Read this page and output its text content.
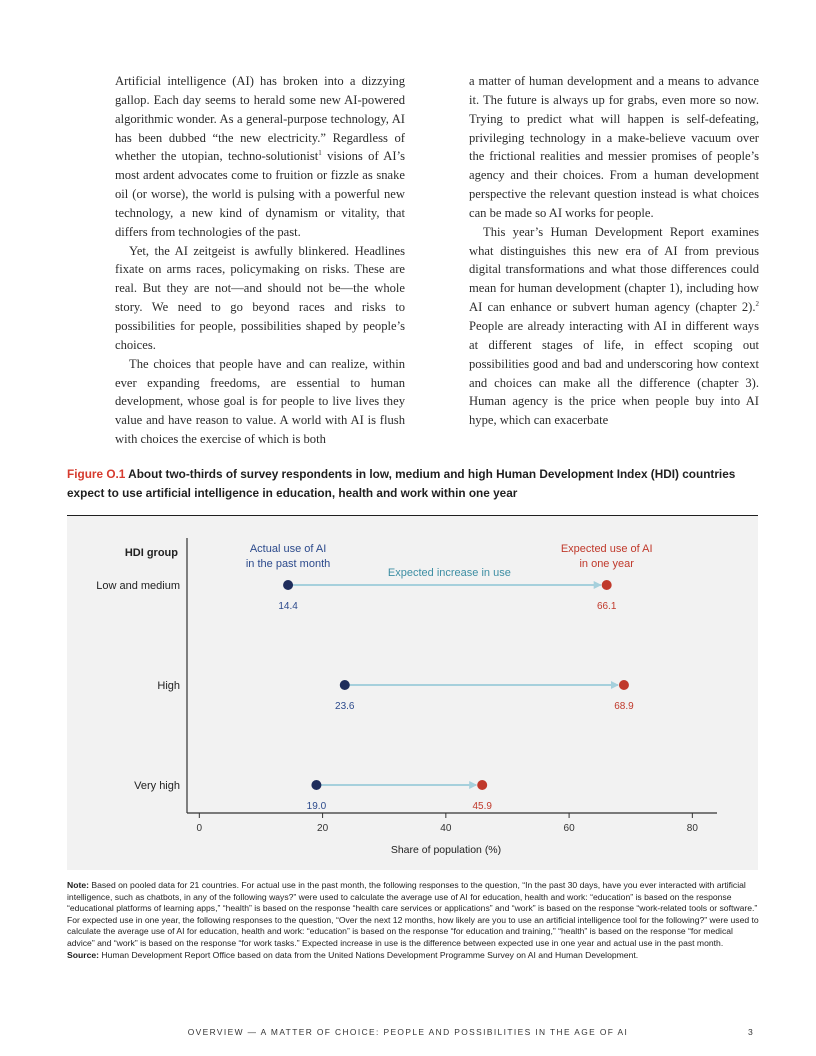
Artificial intelligence (AI) has broken into a dizzying gallop. Each day seems to herald some new AI-powered algorithmic wonder. As a general-purpose technology, AI has been dubbed “the new electricity.” Regardless of whether the utopian, techno-solutionist$^1$ visions of AI’s most ardent advocates come to fruition or fizzle as snake oil (or worse), the world is pulsing with a powerful new technology, a new kind of dynamism or vitality, that differs from technologies of the past.

Yet, the AI zeitgeist is awfully blinkered. Headlines fixate on arms races, policymaking on risks. These are real. But they are not—and should not be—the whole story. We need to go beyond races and risks to possibilities for people, possibilities shaped by people’s choices.

The choices that people have and can realize, within ever expanding freedoms, are essential to human development, whose goal is for people to live lives they value and have reason to value. A world with AI is flush with choices the exercise of which is both

a matter of human development and a means to advance it. The future is always up for grabs, even more so now. Trying to predict what will happen is self-defeating, privileging technology in a make-believe vacuum over the frictional realities and messier promises of people’s agency and their choices. From a human development perspective the relevant question instead is what choices can be made so AI works for people.

This year’s Human Development Report examines what distinguishes this new era of AI from previous digital transformations and what those differences could mean for human development (chapter 1), including how AI can enhance or subvert human agency (chapter 2).$^2$ People are already interacting with AI in different ways at different stages of life, in effect scoping out possibilities good and bad and underscoring how context and choices can make all the difference (chapter 3). Human agency is the price when people buy into AI hype, which can exacerbate

Figure O.1 About two-thirds of survey respondents in low, medium and high Human Development Index (HDI) countries expect to use artificial intelligence in education, health and work within one year
0	20	40	60	80
Share of population (%)
HDI group
Low and medium
High
Very high
Actual use of AI
in the past month
Expected use of AI
in one year
Expected increase in use
14.4	66.1
23.6	68.9
19.0	45.9

Note: Based on pooled data for 21 countries. For actual use in the past month, the following responses to the question, “In the past 30 days, have you ever interacted with artificial intelligence, such as chatbots, in any of the following ways?” were used to calculate the average use of AI for education, health and work: “education” is based on the response “educational platforms of learning apps,” “health” is based on the response “health care services or applications” and “work” is based on the response “work-related tools or software.” For expected use in one year, the following responses to the question, “Over the next 12 months, how likely are you to use an artificial intelligence tool for the following?” were used to calculate the average use of AI for education, health and work: “education” is based on the response “for education and training,” “health” is based on the response “for medical advice” and “work” is based on the response “for work tasks.” Expected increase in use is the difference between expected use in one year and actual use in the past month.

Source: Human Development Report Office based on data from the United Nations Development Programme Survey on AI and Human Development.

OVERVIEW — A MATTER OF CHOICE: PEOPLE AND POSSIBILITIES IN THE AGE OF AI	3
